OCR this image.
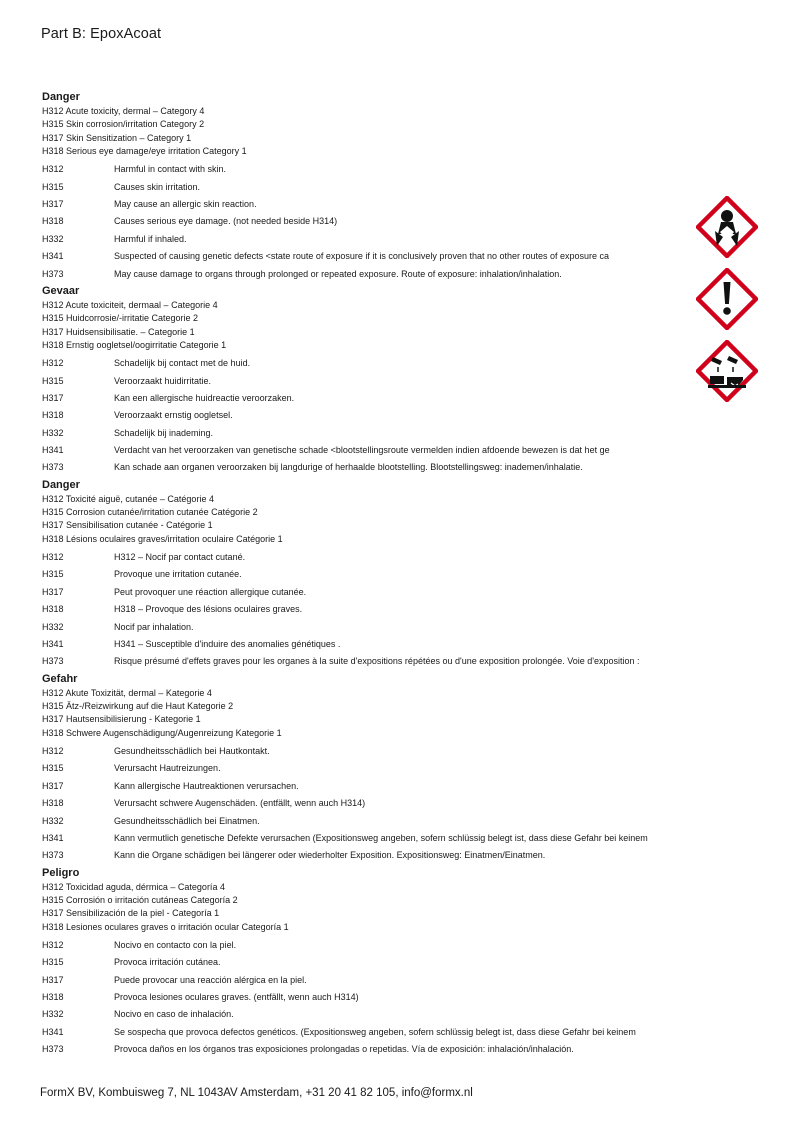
Part B: EpoxAcoat
Danger
H312 Acute toxicity, dermal – Category 4
H315 Skin corrosion/irritation Category 2
H317 Skin Sensitization – Category 1
H318 Serious eye damage/eye irritation Category 1
H312	Harmful in contact with skin.
H315	Causes skin irritation.
H317	May cause an allergic skin reaction.
H318	Causes serious eye damage. (not needed beside H314)
H332	Harmful if inhaled.
H341	Suspected of causing genetic defects <state route of exposure if it is conclusively proven that no other routes of exposure ca
H373	May cause damage to organs through prolonged or repeated exposure. Route of exposure: inhalation/inhalation.
Gevaar
H312 Acute toxiciteit, dermaal – Categorie 4
H315 Huidcorrosie/-irritatie Categorie 2
H317 Huidsensibilisatie. – Categorie 1
H318 Ernstig oogletsel/oogirritatie Categorie 1
H312	Schadelijk bij contact met de huid.
H315	Veroorzaakt huidirritatie.
H317	Kan een allergische huidreactie veroorzaken.
H318	Veroorzaakt ernstig oogletsel.
H332	Schadelijk bij inademing.
H341	Verdacht van het veroorzaken van genetische schade <blootstellingsroute vermelden indien afdoende bewezen is dat het ge
H373	Kan schade aan organen veroorzaken bij langdurige of herhaalde blootstelling. Blootstellingsweg: inademen/inhalatie.
Danger
H312 Toxicité aiguë, cutanée – Catégorie 4
H315 Corrosion cutanée/irritation cutanée Catégorie 2
H317 Sensibilisation cutanée - Catégorie 1
H318 Lésions oculaires graves/irritation oculaire Catégorie 1
H312	H312 – Nocif par contact cutané.
H315	Provoque une irritation cutanée.
H317	Peut provoquer une réaction allergique cutanée.
H318	H318 – Provoque des lésions oculaires graves.
H332	Nocif par inhalation.
H341	H341 – Susceptible d'induire des anomalies génétiques .
H373	Risque présumé d'effets graves pour les organes à la suite d'expositions répétées ou d'une exposition prolongée. Voie d'exposition :
Gefahr
H312 Akute Toxizität, dermal – Kategorie 4
H315 Ätz-/Reizwirkung auf die Haut Kategorie 2
H317 Hautsensibilisierung - Kategorie 1
H318 Schwere Augenschädigung/Augenreizung Kategorie 1
H312	Gesundheitsschädlich bei Hautkontakt.
H315	Verursacht Hautreizungen.
H317	Kann allergische Hautreaktionen verursachen.
H318	Verursacht schwere Augenschäden. (entfällt, wenn auch H314)
H332	Gesundheitsschädlich bei Einatmen.
H341	Kann vermutlich genetische Defekte verursachen (Expositionsweg angeben, sofern schlüssig belegt ist, dass diese Gefahr bei keinem
H373	Kann die Organe schädigen bei längerer oder wiederholter Exposition. Expositionsweg: Einatmen/Einatmen.
Peligro
H312 Toxicidad aguda, dérmica – Categoría 4
H315 Corrosión o irritación cutáneas Categoría 2
H317 Sensibilización de la piel - Categoría 1
H318 Lesiones oculares graves o irritación ocular Categoría 1
H312	Nocivo en contacto con la piel.
H315	Provoca irritación cutánea.
H317	Puede provocar una reacción alérgica en la piel.
H318	Provoca lesiones oculares graves. (entfällt, wenn auch H314)
H332	Nocivo en caso de inhalación.
H341	Se sospecha que provoca defectos genéticos. (Expositionsweg angeben, sofern schlüssig belegt ist, dass diese Gefahr bei keinem
H373	Provoca daños en los órganos tras exposiciones prolongadas o repetidas. Vía de exposición: inhalación/inhalación.

FormX BV, Kombuisweg 7, NL 1043AV Amsterdam, +31 20 41 82 105, info@formx.nl
